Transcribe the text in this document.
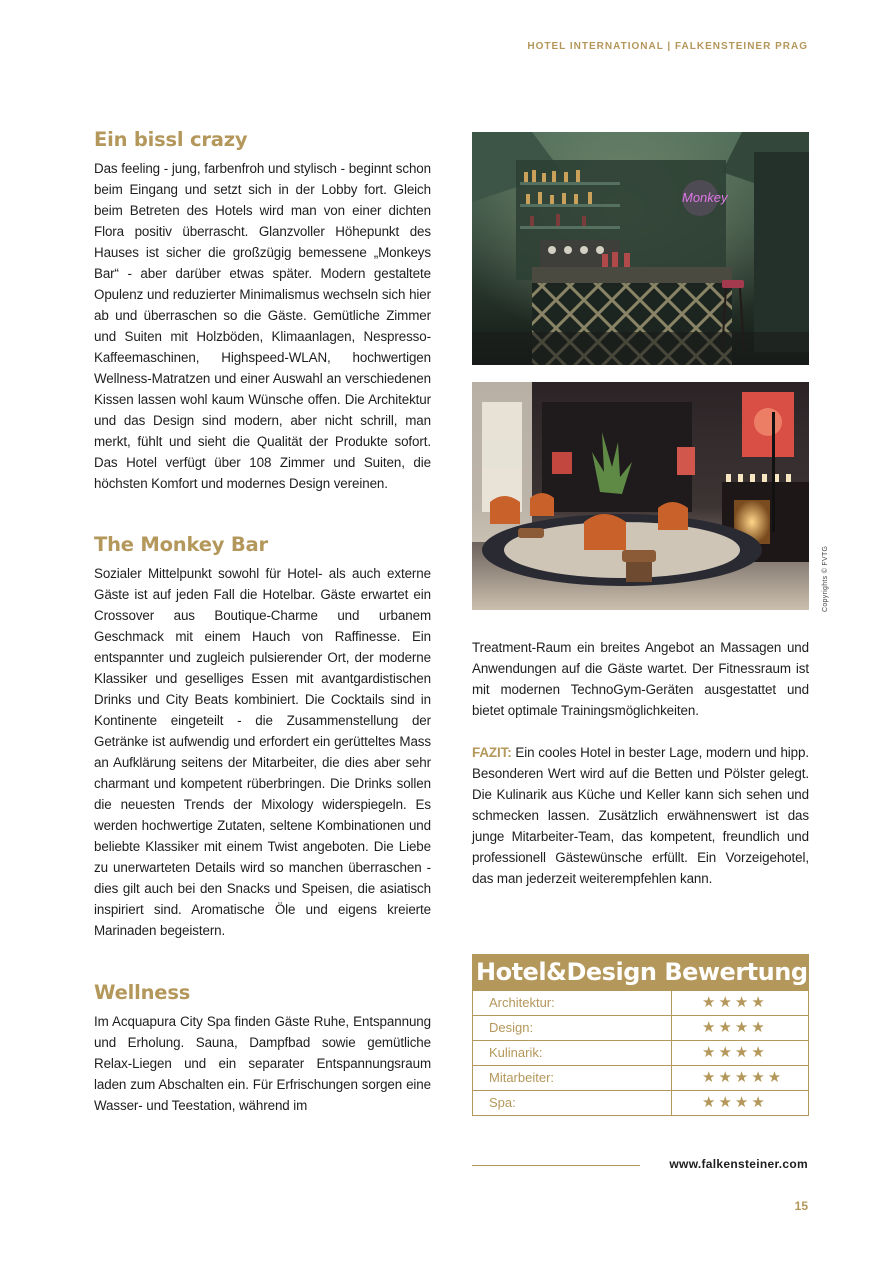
HOTEL INTERNATIONAL | FALKENSTEINER PRAG
Ein bissl crazy

Das feeling - jung, farbenfroh und stylisch - beginnt schon beim Eingang und setzt sich in der Lobby fort. Gleich beim Betreten des Hotels wird man von einer dichten Flora positiv überrascht. Glanzvoller Höhepunkt des Hauses ist sicher die großzügig bemessene „Monkeys Bar“ - aber darüber etwas später. Modern gestaltete Opulenz und reduzierter Minimalismus wechseln sich hier ab und überraschen so die Gäste. Gemütliche Zimmer und Suiten mit Holzböden, Klimaanlagen, Nespresso-Kaffeemaschinen, Highspeed-WLAN, hochwertigen Wellness-Matratzen und einer Auswahl an verschiedenen Kissen lassen wohl kaum Wünsche offen. Die Architektur und das Design sind modern, aber nicht schrill, man merkt, fühlt und sieht die Qualität der Produkte sofort. Das Hotel verfügt über 108 Zimmer und Suiten, die höchsten Komfort und modernes Design vereinen.

The Monkey Bar

Sozialer Mittelpunkt sowohl für Hotel- als auch externe Gäste ist auf jeden Fall die Hotelbar. Gäste erwartet ein Crossover aus Boutique-Charme und urbanem Geschmack mit einem Hauch von Raffinesse. Ein entspannter und zugleich pulsierender Ort, der moderne Klassiker und geselliges Essen mit avantgardistischen Drinks und City Beats kombiniert. Die Cocktails sind in Kontinente eingeteilt - die Zusammenstellung der Getränke ist aufwendig und erfordert ein gerütteltes Mass an Aufklärung seitens der Mitarbeiter, die dies aber sehr charmant und kompetent rüberbringen. Die Drinks sollen die neuesten Trends der Mixology widerspiegeln. Es werden hochwertige Zutaten, seltene Kombinationen und beliebte Klassiker mit einem Twist angeboten. Die Liebe zu unerwarteten Details wird so manchen überraschen - dies gilt auch bei den Snacks und Speisen, die asiatisch inspiriert sind. Aromatische Öle und eigens kreierte Marinaden begeistern.

Wellness

Im Acquapura City Spa finden Gäste Ruhe, Entspannung und Erholung. Sauna, Dampfbad sowie gemütliche Relax-Liegen und ein separater Entspannungsraum laden zum Abschalten ein. Für Erfrischungen sorgen eine Wasser- und Teestation, während im

Monkey
Copyrights © FVTG

Treatment-Raum ein breites Angebot an Massagen und Anwendungen auf die Gäste wartet. Der Fitnessraum ist mit modernen TechnoGym-Geräten ausgestattet und bietet optimale Trainingsmöglichkeiten.

FAZIT: Ein cooles Hotel in bester Lage, modern und hipp. Besonderen Wert wird auf die Betten und Pölster gelegt. Die Kulinarik aus Küche und Keller kann sich sehen und schmecken lassen. Zusätzlich erwähnenswert ist das junge Mitarbeiter-Team, das kompetent, freundlich und professionell Gästewünsche erfüllt. Ein Vorzeigehotel, das man jederzeit weiterempfehlen kann.

Hotel&Design Bewertung
Architektur:	★★★★
Design:	★★★★
Kulinarik:	★★★★
Mitarbeiter:	★★★★★
Spa:	★★★★
www.falkensteiner.com
15
